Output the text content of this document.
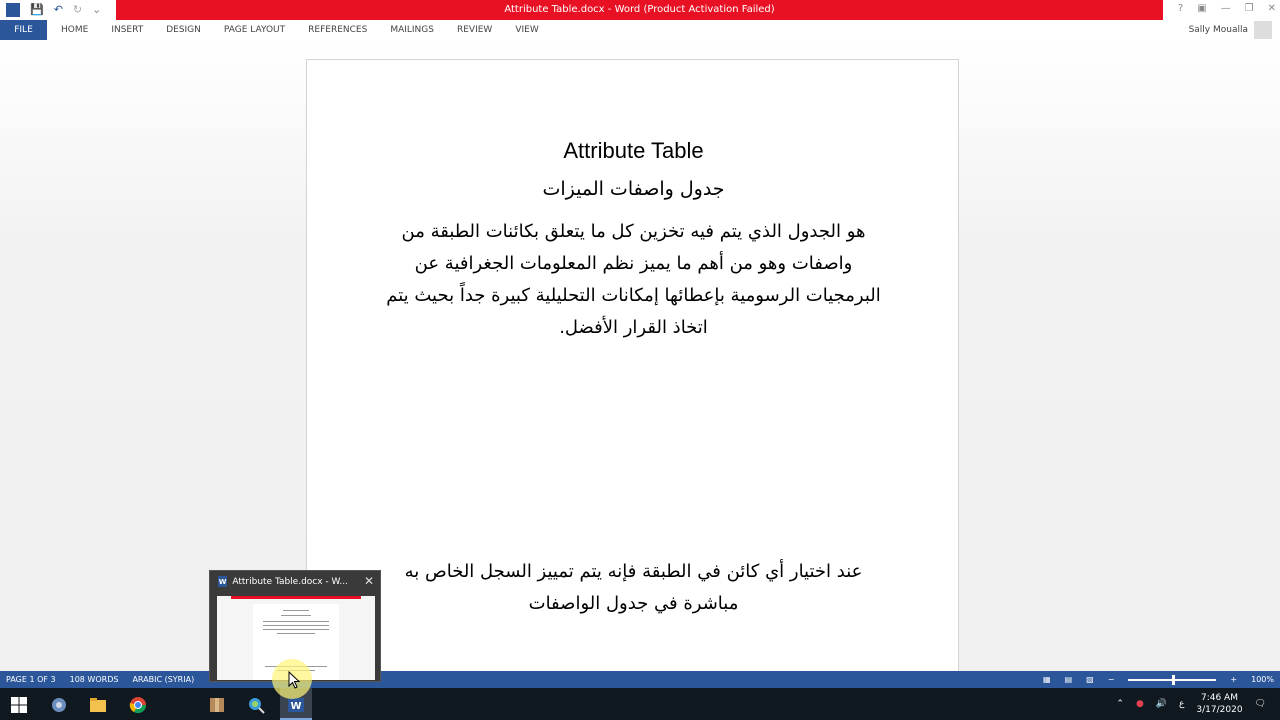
W 💾 ↶ ↻ ⌄	Attribute Table.docx - Word (Product Activation Failed)	? ▣ — ❐ ✕
FILE	HOME	INSERT	DESIGN	PAGE LAYOUT	REFERENCES	MAILINGS	REVIEW	VIEW	Sally Moualla
Attribute Table
جدول واصفات الميزات
هو الجدول الذي يتم فيه تخزين كل ما يتعلق بكائنات الطبقة من واصفات وهو من أهم ما يميز نظم المعلومات الجغرافية عن البرمجيات الرسومية بإعطائها إمكانات التحليلية كبيرة جداً بحيث يتم اتخاذ القرار الأفضل.
عند اختيار أي كائن في الطبقة فإنه يتم تمييز السجل الخاص به مباشرة في جدول الواصفات
PAGE 1 OF 3 108 WORDS ARABIC (SYRIA)	▦ ▤ ▧ −	+ 100%
W	⌃ ● 🔊 ع
7:46 AM
3/17/2020
🗨
W Attribute Table.docx - W... ✕
